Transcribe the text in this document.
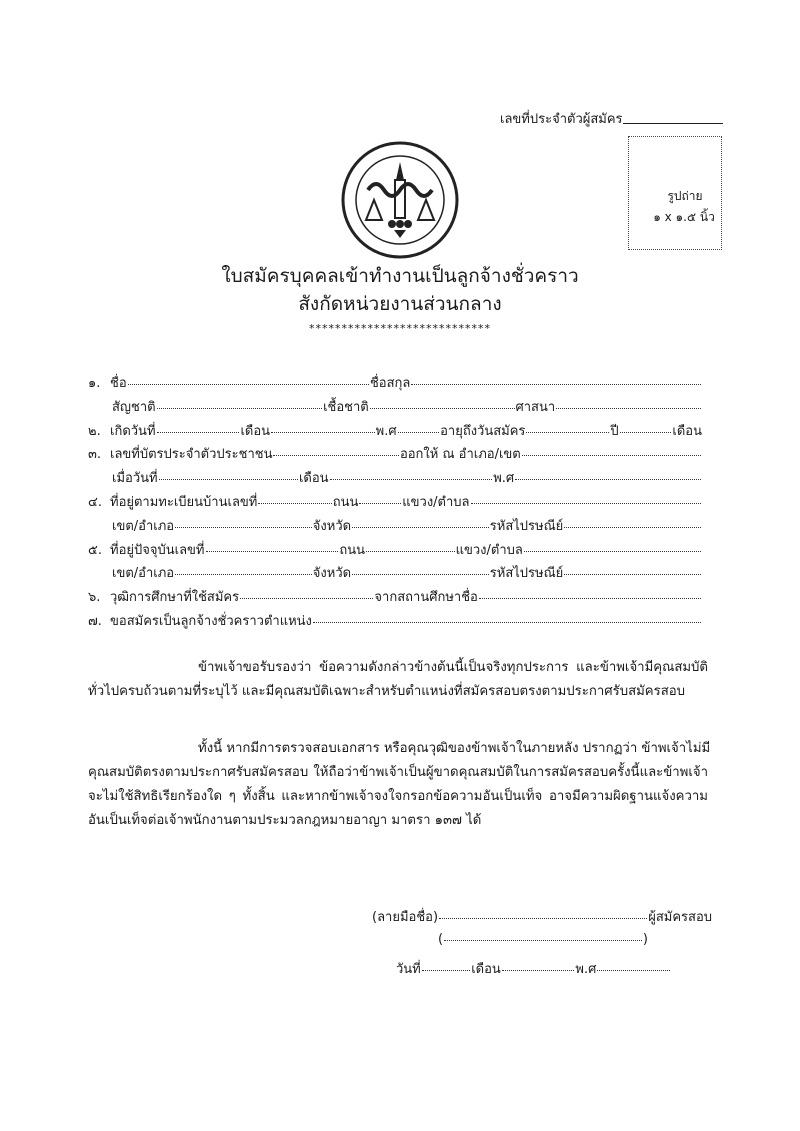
เลขที่ประจำตัวผู้สมัคร
รูปถ่าย
๑ x ๑.๕ นิ้ว
ใบสมัครบุคคลเข้าทำงานเป็นลูกจ้างชั่วคราว
สังกัดหน่วยงานส่วนกลาง
****************************
๑. ชื่อ	ชื่อสกุล
สัญชาติ	เชื้อชาติ	ศาสนา
๒. เกิดวันที่	เดือน	พ.ศ	อายุถึงวันสมัคร	ปี	เดือน
๓. เลขที่บัตรประจำตัวประชาชน	ออกให้ ณ อำเภอ/เขต
เมื่อวันที่	เดือน	พ.ศ
๔. ที่อยู่ตามทะเบียนบ้านเลขที่	ถนน	แขวง/ตำบล
เขต/อำเภอ	จังหวัด	รหัสไปรษณีย์
๕. ที่อยู่ปัจจุบันเลขที่	ถนน	แขวง/ตำบล
เขต/อำเภอ	จังหวัด	รหัสไปรษณีย์
๖. วุฒิการศึกษาที่ใช้สมัคร	จากสถานศึกษาชื่อ
๗. ขอสมัครเป็นลูกจ้างชั่วคราวตำแหน่ง
ข้าพเจ้าขอรับรองว่า ข้อความดังกล่าวข้างต้นนี้เป็นจริงทุกประการ และข้าพเจ้ามีคุณสมบัติ
ทั่วไปครบถ้วนตามที่ระบุไว้ และมีคุณสมบัติเฉพาะสำหรับตำแหน่งที่สมัครสอบตรงตามประกาศรับสมัครสอบ
ทั้งนี้ หากมีการตรวจสอบเอกสาร หรือคุณวุฒิของข้าพเจ้าในภายหลัง ปรากฏว่า ข้าพเจ้าไม่มี
คุณสมบัติตรงตามประกาศรับสมัครสอบ ให้ถือว่าข้าพเจ้าเป็นผู้ขาดคุณสมบัติในการสมัครสอบครั้งนี้และข้าพเจ้า
จะไม่ใช้สิทธิเรียกร้องใด ๆ ทั้งสิ้น และหากข้าพเจ้าจงใจกรอกข้อความอันเป็นเท็จ อาจมีความผิดฐานแจ้งความ
อันเป็นเท็จต่อเจ้าพนักงานตามประมวลกฎหมายอาญา มาตรา ๑๓๗ ได้
(ลายมือชื่อ)	ผู้สมัครสอบ
(	)
วันที่	เดือน	พ.ศ
